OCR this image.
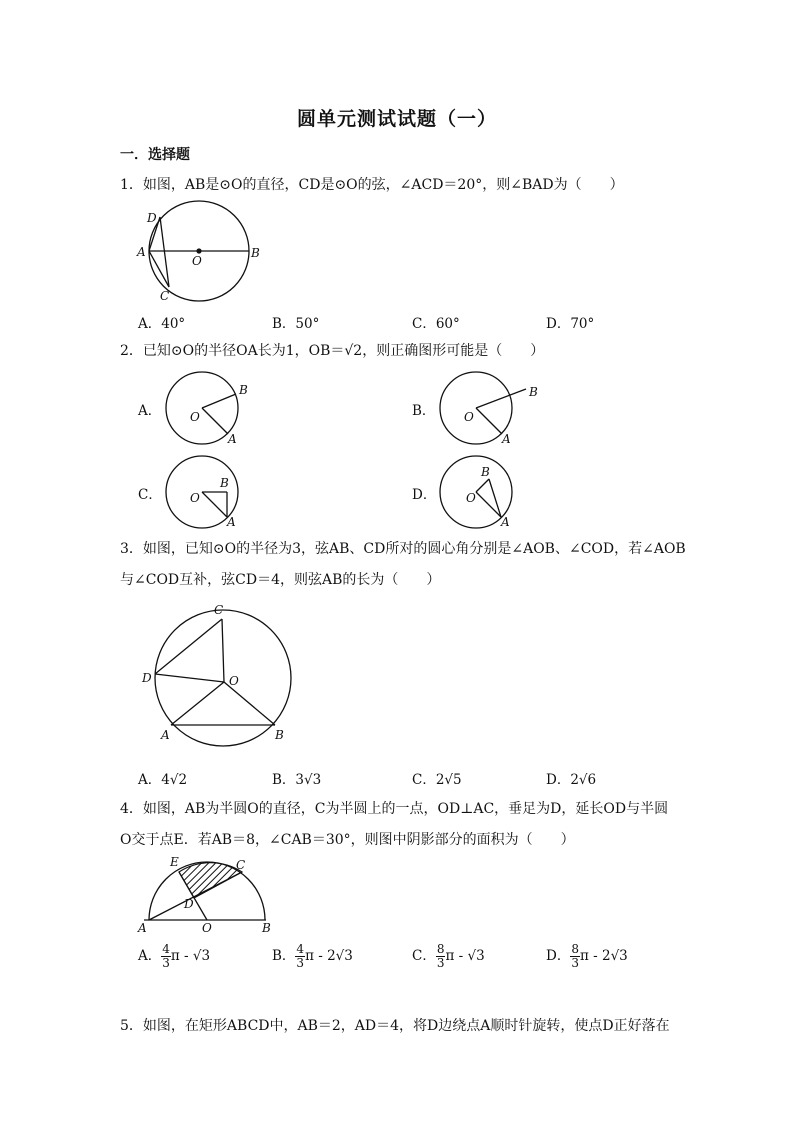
圆单元测试试题（一）
一．选择题
1．如图，AB是⊙O的直径，CD是⊙O的弦，∠ACD＝20°，则∠BAD为（　　）
D
A
O
B
C
A．40°	B．50°	C．60°	D．70°
2．已知⊙O的半径OA长为1，OB＝√2，则正确图形可能是（　　）
A． O
B
A
B． O
B
A
C． O
B
A
D． O
B
A
3．如图，已知⊙O的半径为3，弦AB、CD所对的圆心角分别是∠AOB、∠COD，若∠AOB
与∠COD互补，弦CD＝4，则弦AB的长为（　　）
C
D	O
A	B
A．4√2	B．3√3	C．2√5	D．2√6
4．如图，AB为半圆O的直径，C为半圆上的一点，OD⊥AC，垂足为D，延长OD与半圆
O交于点E．若AB＝8，∠CAB＝30°，则图中阴影部分的面积为（　　）
E	C
D
A	O	B
A． $\frac{4}{3}$ π - √3	B． $\frac{4}{3}$ π - 2√3	C． $\frac{8}{3}$ π - √3	D． $\frac{8}{3}$ π - 2√3
5．如图，在矩形ABCD中，AB＝2，AD＝4，将D边绕点A顺时针旋转，使点D正好落在
